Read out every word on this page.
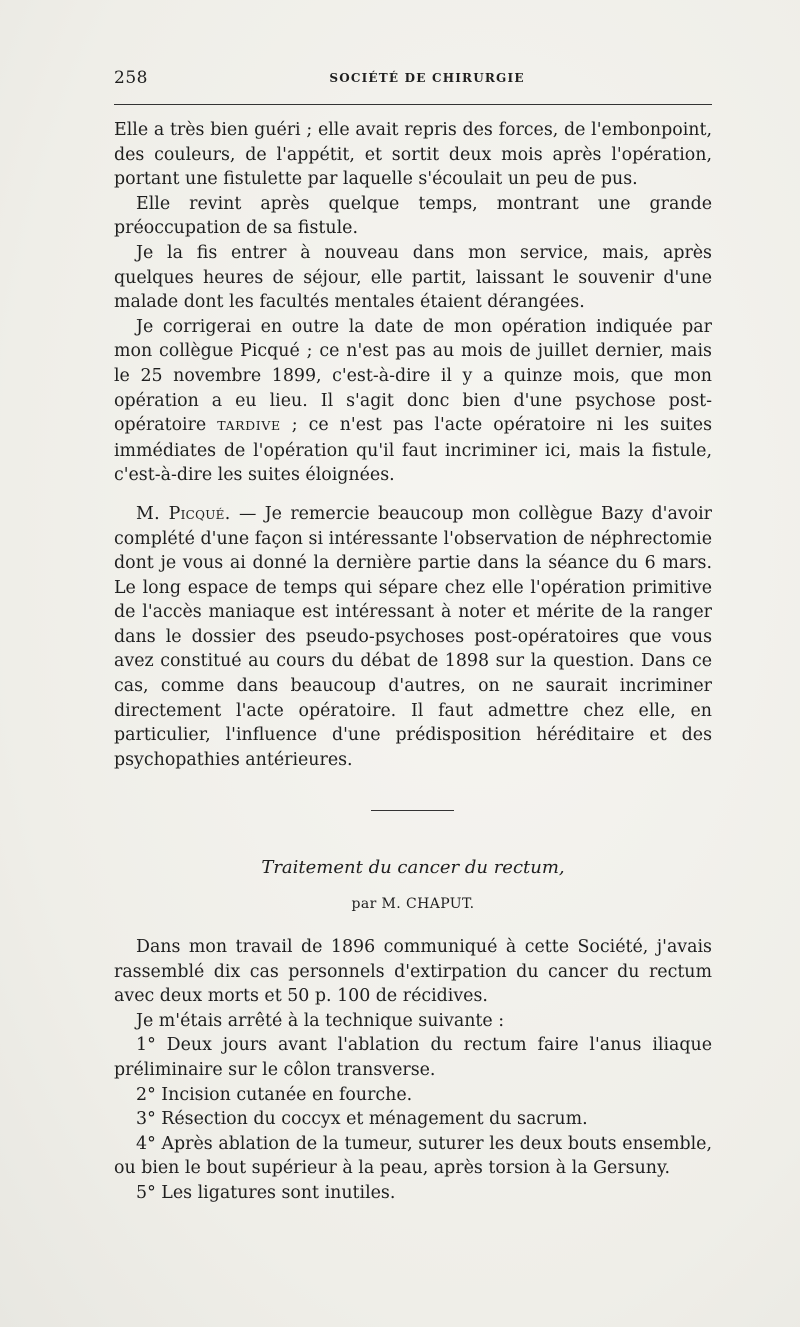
258	SOCIÉTÉ DE CHIRURGIE

Elle a très bien guéri ; elle avait repris des forces, de l'embonpoint, des couleurs, de l'appétit, et sortit deux mois après l'opération, portant une fistulette par laquelle s'écoulait un peu de pus.

Elle revint après quelque temps, montrant une grande préoccupation de sa fistule.

Je la fis entrer à nouveau dans mon service, mais, après quelques heures de séjour, elle partit, laissant le souvenir d'une malade dont les facultés mentales étaient dérangées.

Je corrigerai en outre la date de mon opération indiquée par mon collègue Picqué ; ce n'est pas au mois de juillet dernier, mais le 25 novembre 1899, c'est-à-dire il y a quinze mois, que mon opération a eu lieu. Il s'agit donc bien d'une psychose post-opératoire TARDIVE ; ce n'est pas l'acte opératoire ni les suites immédiates de l'opération qu'il faut incriminer ici, mais la fistule, c'est-à-dire les suites éloignées.

M. Picqué. — Je remercie beaucoup mon collègue Bazy d'avoir complété d'une façon si intéressante l'observation de néphrectomie dont je vous ai donné la dernière partie dans la séance du 6 mars. Le long espace de temps qui sépare chez elle l'opération primitive de l'accès maniaque est intéressant à noter et mérite de la ranger dans le dossier des pseudo-psychoses post-opératoires que vous avez constitué au cours du débat de 1898 sur la question. Dans ce cas, comme dans beaucoup d'autres, on ne saurait incriminer directement l'acte opératoire. Il faut admettre chez elle, en particulier, l'influence d'une prédisposition héréditaire et des psychopathies antérieures.

Traitement du cancer du rectum,
par M. CHAPUT.

Dans mon travail de 1896 communiqué à cette Société, j'avais rassemblé dix cas personnels d'extirpation du cancer du rectum avec deux morts et 50 p. 100 de récidives.

Je m'étais arrêté à la technique suivante :

1° Deux jours avant l'ablation du rectum faire l'anus iliaque préliminaire sur le côlon transverse.

2° Incision cutanée en fourche.

3° Résection du coccyx et ménagement du sacrum.

4° Après ablation de la tumeur, suturer les deux bouts ensemble, ou bien le bout supérieur à la peau, après torsion à la Gersuny.

5° Les ligatures sont inutiles.
